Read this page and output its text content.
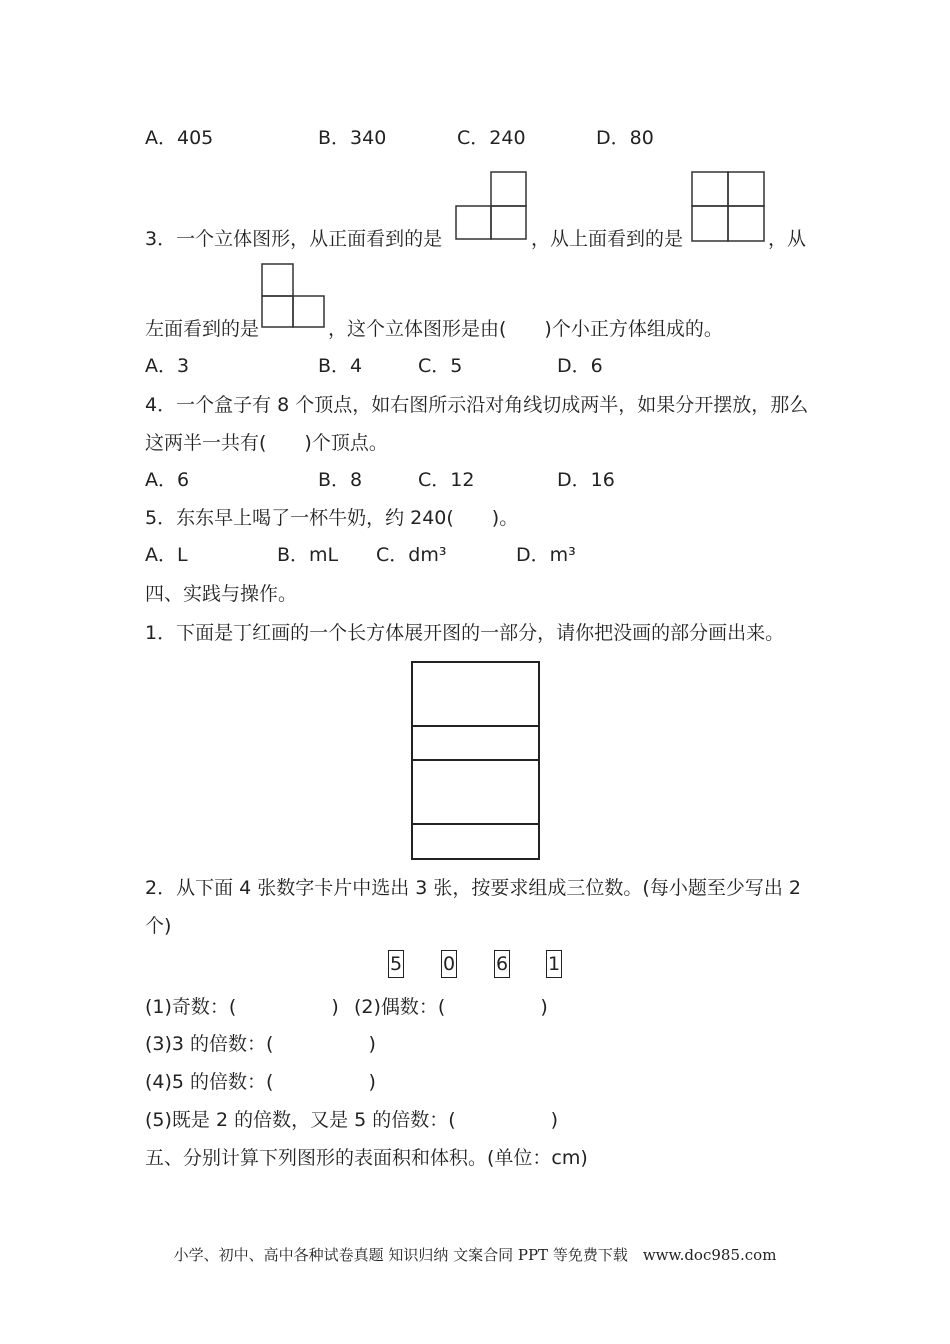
A．405	B．340	C．240	D．80
3．一个立体图形，从正面看到的是	，从上面看到的是	，从
左面看到的是	，这个立体图形是由(　　)个小正方体组成的。
A．3	B．4	C．5	D．6
4．一个盒子有 8 个顶点，如右图所示沿对角线切成两半，如果分开摆放，那么
这两半一共有(　　)个顶点。
A．6	B．8	C．12	D．16
5．东东早上喝了一杯牛奶，约 240(　　)。
A．L	B．mL C．dm³	D．m³
四、实践与操作。
1．下面是丁红画的一个长方体展开图的一部分，请你把没画的部分画出来。
2．从下面 4 张数字卡片中选出 3 张，按要求组成三位数。(每小题至少写出 2
个)
5 0 6 1
(1)奇数：(　　　　　) (2)偶数：(　　　　　)
(3)3 的倍数：(　　　　　)
(4)5 的倍数：(　　　　　)
(5)既是 2 的倍数，又是 5 的倍数：(　　　　　)
五、分别计算下列图形的表面积和体积。(单位：cm)
小学、初中、高中各种试卷真题 知识归纳 文案合同 PPT 等免费下载　www.doc985.com
